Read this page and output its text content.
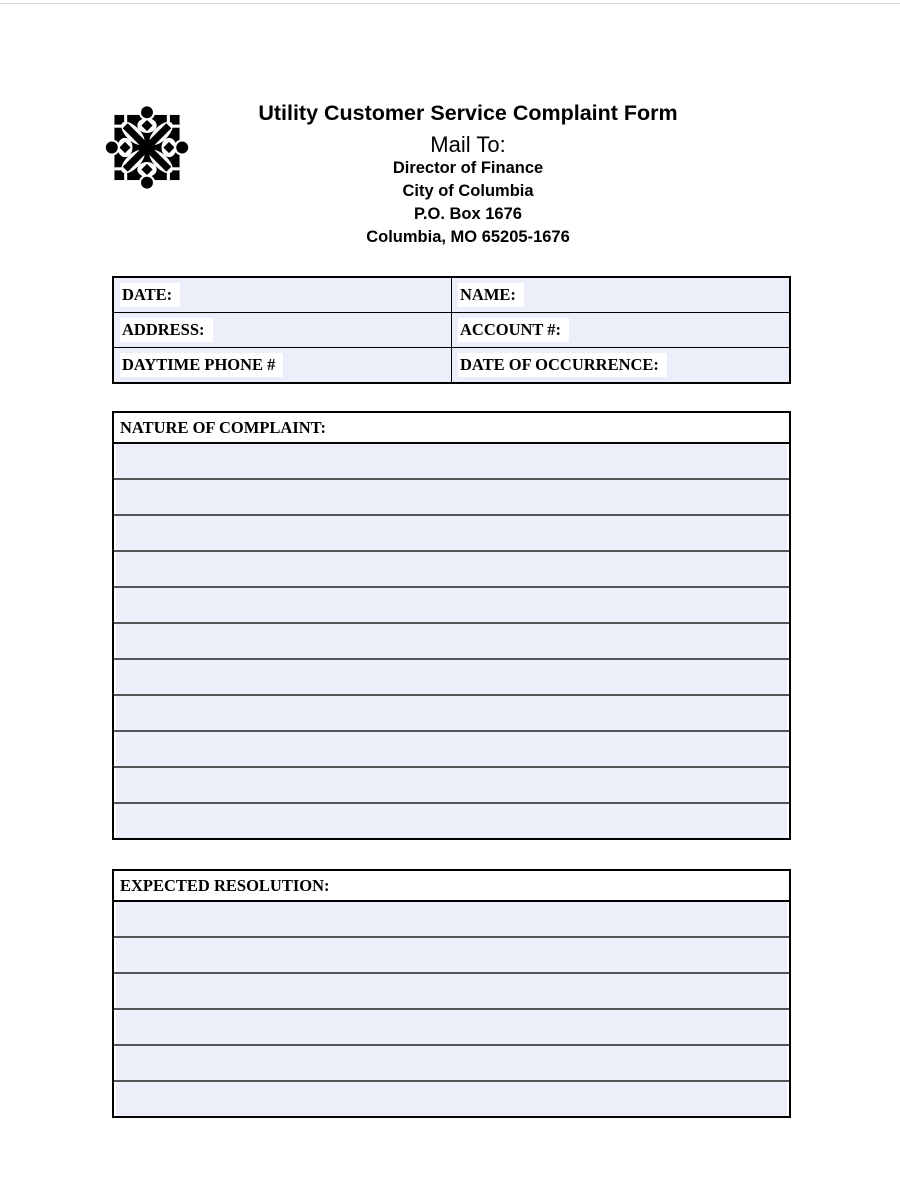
Utility Customer Service Complaint Form
Mail To:
Director of Finance
City of Columbia
P.O. Box 1676
Columbia, MO 65205-1676
DATE:	NAME:
ADDRESS:	ACCOUNT #:
DAYTIME PHONE #	DATE OF OCCURRENCE:
NATURE OF COMPLAINT:
EXPECTED RESOLUTION:
